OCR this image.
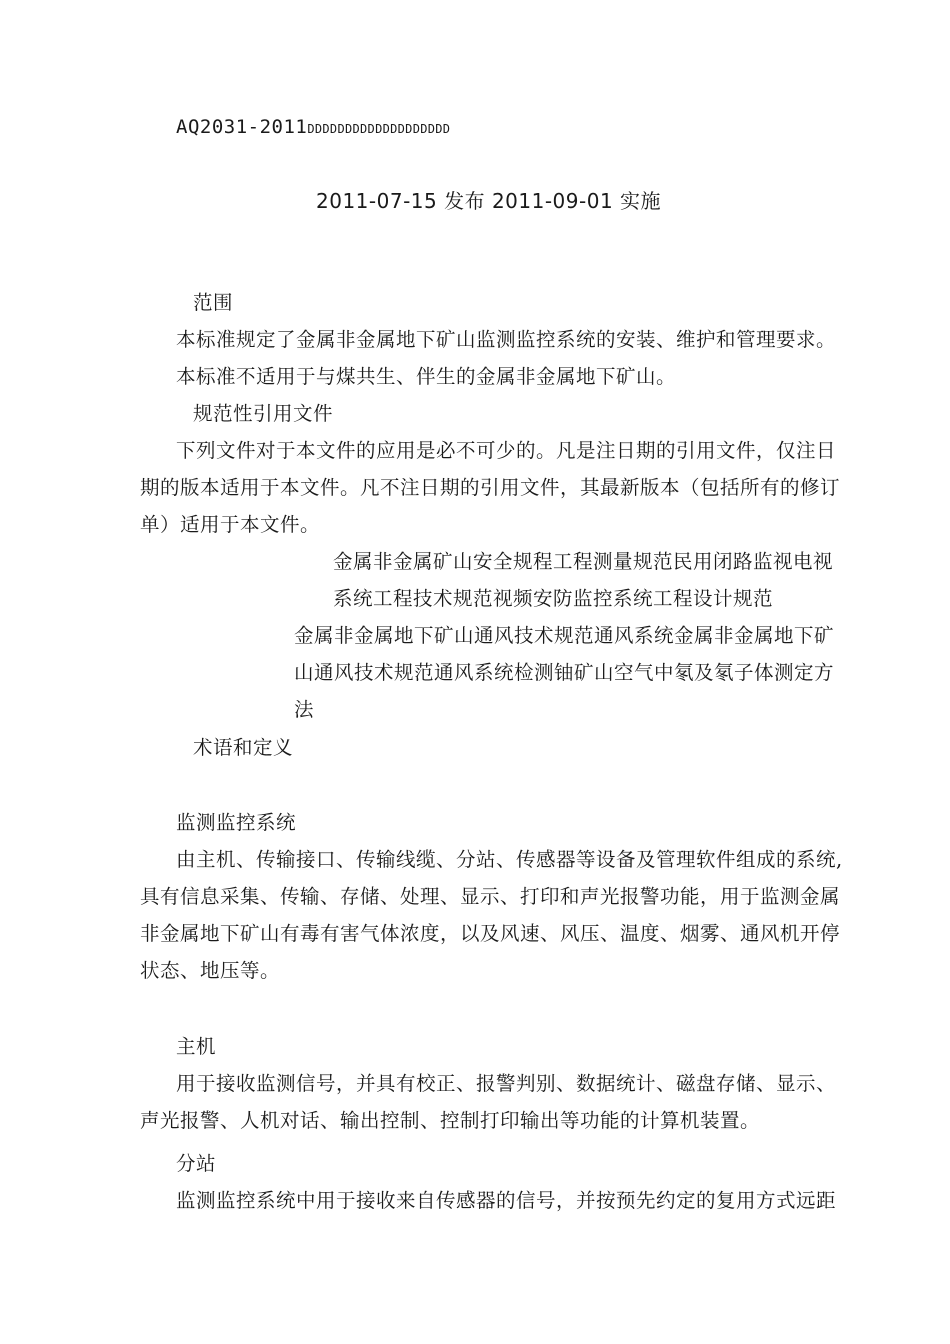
AQ2031-2011DDDDDDDDDDDDDDDDDDD
2011-07-15 发布 2011-09-01 实施
范围
本标准规定了金属非金属地下矿山监测监控系统的安装、维护和管理要求。
本标准不适用于与煤共生、伴生的金属非金属地下矿山。
规范性引用文件
下列文件对于本文件的应用是必不可少的。凡是注日期的引用文件，仅注日
期的版本适用于本文件。凡不注日期的引用文件，其最新版本（包括所有的修订
单）适用于本文件。
金属非金属矿山安全规程工程测量规范民用闭路监视电视
系统工程技术规范视频安防监控系统工程设计规范
金属非金属地下矿山通风技术规范通风系统金属非金属地下矿
山通风技术规范通风系统检测铀矿山空气中氡及氡子体测定方
法
术语和定义
监测监控系统
由主机、传输接口、传输线缆、分站、传感器等设备及管理软件组成的系统,
具有信息采集、传输、存储、处理、显示、打印和声光报警功能，用于监测金属
非金属地下矿山有毒有害气体浓度，以及风速、风压、温度、烟雾、通风机开停
状态、地压等。
主机
用于接收监测信号，并具有校正、报警判别、数据统计、磁盘存储、显示、
声光报警、人机对话、输出控制、控制打印输出等功能的计算机装置。
分站
监测监控系统中用于接收来自传感器的信号，并按预先约定的复用方式远距
